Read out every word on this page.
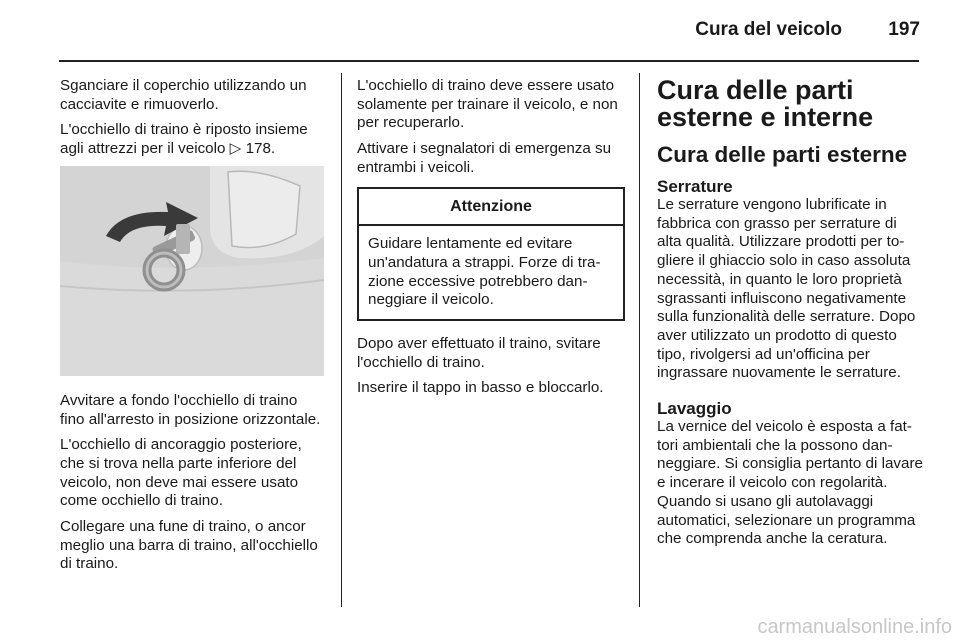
Cura del veicolo 197

Sganciare il coperchio utilizzando un cacciavite e rimuoverlo.

L'occhiello di traino è riposto insieme agli attrezzi per il veicolo ▷ 178.

Avvitare a fondo l'occhiello di traino fino all'arresto in posizione orizzontale.

L'occhiello di ancoraggio posteriore, che si trova nella parte inferiore del veicolo, non deve mai essere usato come occhiello di traino.

Collegare una fune di traino, o ancor meglio una barra di traino, all'occhiello di traino.

L'occhiello di traino deve essere usato solamente per trainare il veicolo, e non per recuperarlo.

Attivare i segnalatori di emergenza su entrambi i veicoli.

Attenzione
Guidare lentamente ed evitare un'andatura a strappi. Forze di trazione eccessive potrebbero danneggiare il veicolo.

Dopo aver effettuato il traino, svitare l'occhiello di traino.

Inserire il tappo in basso e bloccarlo.

Cura delle parti esterne e interne
Cura delle parti esterne
Serrature
Le serrature vengono lubrificate in fabbrica con grasso per serrature di alta qualità. Utilizzare prodotti per togliere il ghiaccio solo in caso assoluta necessità, in quanto le loro proprietà sgrassanti influiscono negativamente sulla funzionalità delle serrature. Dopo aver utilizzato un prodotto di questo tipo, rivolgersi ad un'officina per ingrassare nuovamente le serrature.
Lavaggio
La vernice del veicolo è esposta a fattori ambientali che la possono danneggiare. Si consiglia pertanto di lavare e incerare il veicolo con regolarità. Quando si usano gli autolavaggi automatici, selezionare un programma che comprenda anche la ceratura.
carmanualsonline.info
